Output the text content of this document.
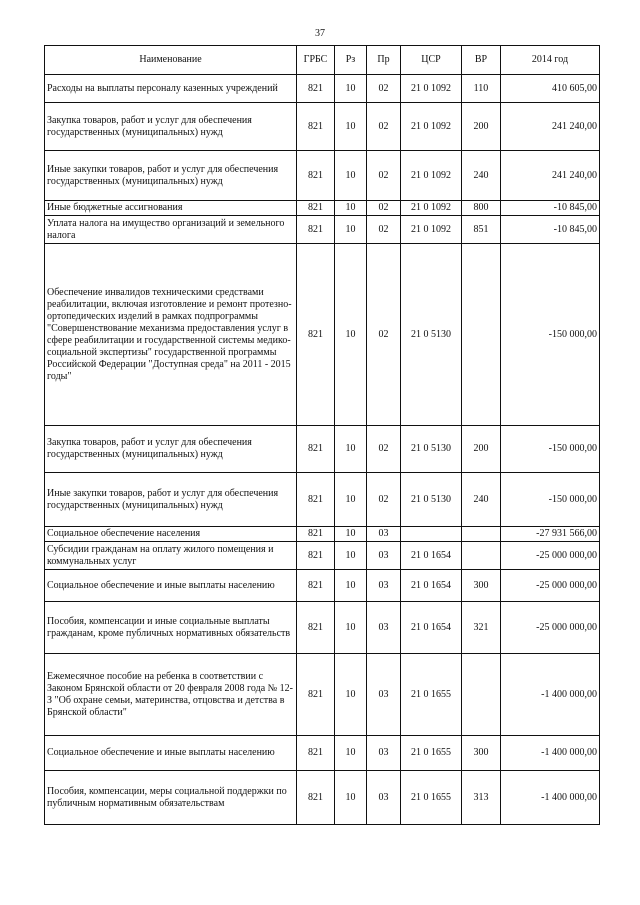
37
Наименование	ГРБС	Рз	Пр	ЦСР	ВР	2014 год
Расходы на выплаты персоналу казенных учреждений	821	10	02	21 0 1092	110	410 605,00
Закупка товаров, работ и услуг для обеспечения государственных (муниципальных) нужд	821	10	02	21 0 1092	200	241 240,00
Иные закупки товаров, работ и услуг для обеспечения государственных (муниципальных) нужд	821	10	02	21 0 1092	240	241 240,00
Иные бюджетные ассигнования	821	10	02	21 0 1092	800	-10 845,00
Уплата налога на имущество организаций и земельного налога	821	10	02	21 0 1092	851	-10 845,00
Обеспечение инвалидов техническими средствами реабилитации, включая изготовление и ремонт протезно-ортопедических изделий в рамках подпрограммы "Совершенствование механизма предоставления услуг в сфере реабилитации и государственной системы медико-социальной экспертизы" государственной программы Российской Федерации "Доступная среда" на 2011 - 2015 годы"	821	10	02	21 0 5130		-150 000,00
Закупка товаров, работ и услуг для обеспечения государственных (муниципальных) нужд	821	10	02	21 0 5130	200	-150 000,00
Иные закупки товаров, работ и услуг для обеспечения государственных (муниципальных) нужд	821	10	02	21 0 5130	240	-150 000,00
Социальное обеспечение населения	821	10	03			-27 931 566,00
Субсидии гражданам на оплату жилого помещения и коммунальных услуг	821	10	03	21 0 1654		-25 000 000,00
Социальное обеспечение и иные выплаты населению	821	10	03	21 0 1654	300	-25 000 000,00
Пособия, компенсации и иные социальные выплаты гражданам, кроме публичных нормативных обязательств	821	10	03	21 0 1654	321	-25 000 000,00
Ежемесячное пособие на ребенка в соответствии с Законом Брянской области от 20 февраля 2008 года № 12-З "Об охране семьи, материнства, отцовства и детства в Брянской области"	821	10	03	21 0 1655		-1 400 000,00
Социальное обеспечение и иные выплаты населению	821	10	03	21 0 1655	300	-1 400 000,00
Пособия, компенсации, меры социальной поддержки по публичным нормативным обязательствам	821	10	03	21 0 1655	313	-1 400 000,00
